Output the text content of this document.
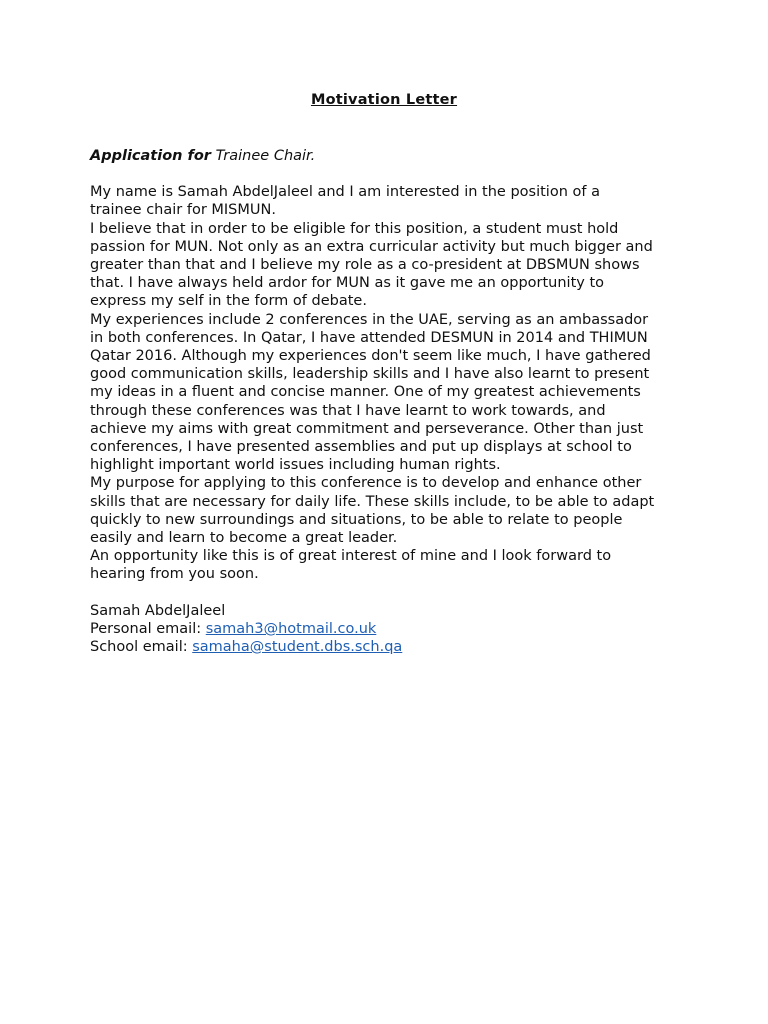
Motivation Letter
Application for Trainee Chair.
My name is Samah AbdelJaleel and I am interested in the position of a
trainee chair for MISMUN.
I believe that in order to be eligible for this position, a student must hold
passion for MUN. Not only as an extra curricular activity but much bigger and
greater than that and I believe my role as a co-president at DBSMUN shows
that. I have always held ardor for MUN as it gave me an opportunity to
express my self in the form of debate.
My experiences include 2 conferences in the UAE, serving as an ambassador
in both conferences. In Qatar, I have attended DESMUN in 2014 and THIMUN
Qatar 2016. Although my experiences don't seem like much, I have gathered
good communication skills, leadership skills and I have also learnt to present
my ideas in a fluent and concise manner. One of my greatest achievements
through these conferences was that I have learnt to work towards, and
achieve my aims with great commitment and perseverance. Other than just
conferences, I have presented assemblies and put up displays at school to
highlight important world issues including human rights.
My purpose for applying to this conference is to develop and enhance other
skills that are necessary for daily life. These skills include, to be able to adapt
quickly to new surroundings and situations, to be able to relate to people
easily and learn to become a great leader.
An opportunity like this is of great interest of mine and I look forward to
hearing from you soon.
Samah AbdelJaleel
Personal email: samah3@hotmail.co.uk
School email: samaha@student.dbs.sch.qa
